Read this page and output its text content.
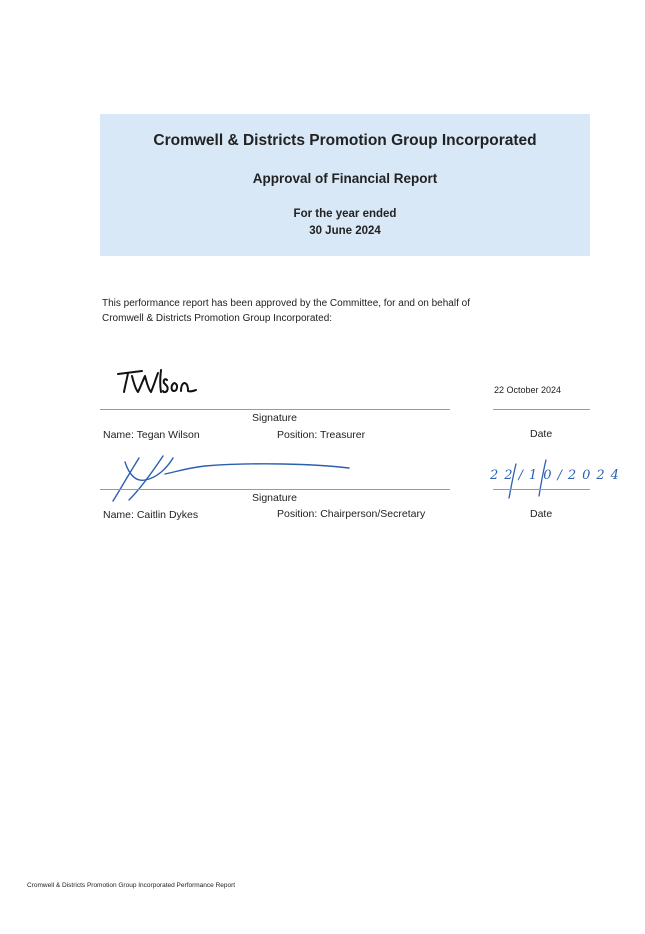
Cromwell & Districts Promotion Group Incorporated
Approval of Financial Report
For the year ended
30 June 2024
This performance report has been approved by the Committee, for and on behalf of
Cromwell & Districts Promotion Group Incorporated:
22 October 2024
Signature
Name: Tegan Wilson	Position: Treasurer	Date
22/10/2024
Signature
Name: Caitlin Dykes	Position: Chairperson/Secretary	Date
Cromwell & Districts Promotion Group Incorporated Performance Report
